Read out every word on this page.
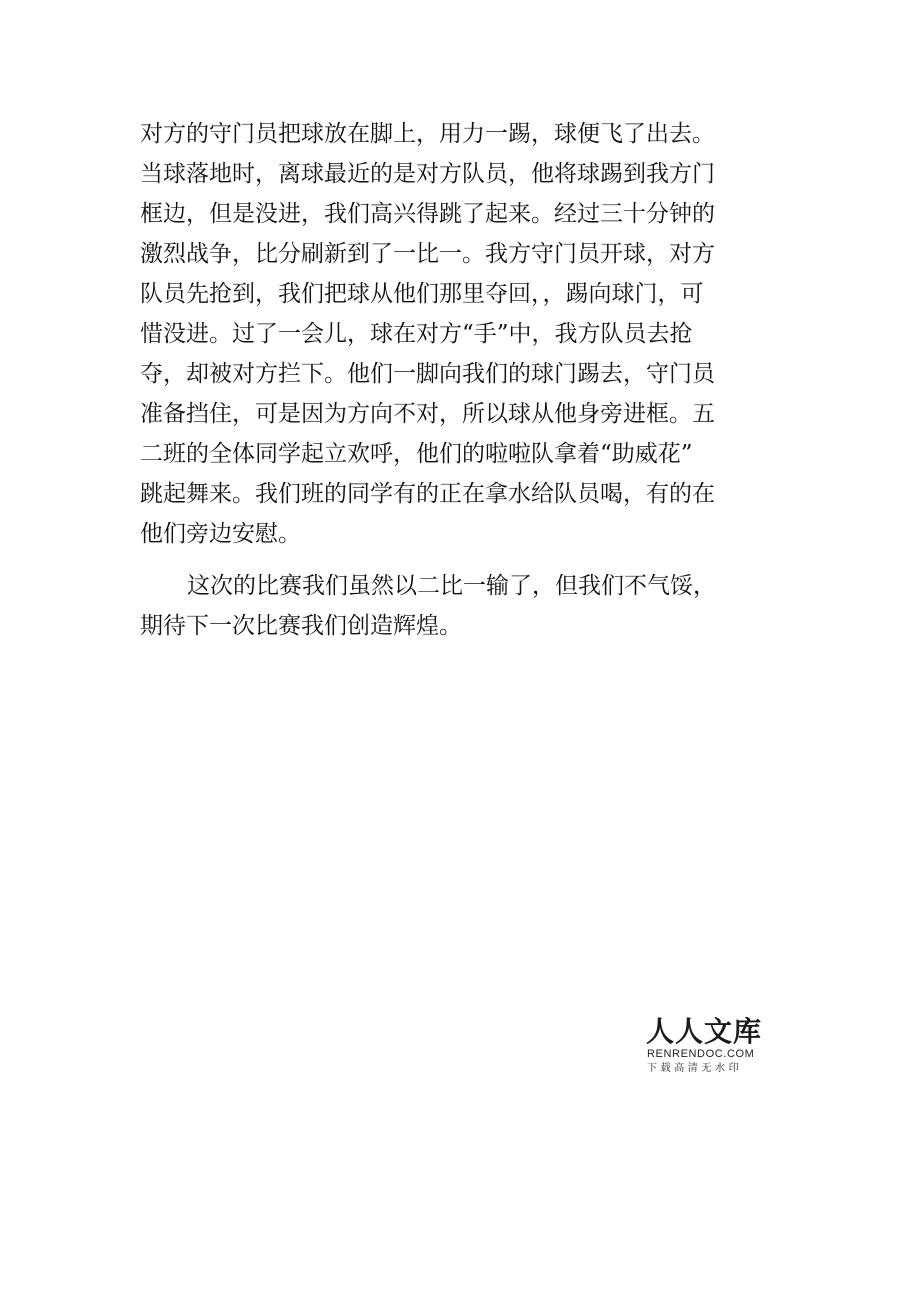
对方的守门员把球放在脚上，用力一踢，球便飞了出去。
当球落地时，离球最近的是对方队员，他将球踢到我方门
框边，但是没进，我们高兴得跳了起来。经过三十分钟的
激烈战争，比分刷新到了一比一。我方守门员开球，对方
队员先抢到，我们把球从他们那里夺回，，踢向球门，可
惜没进。过了一会儿，球在对方“手”中，我方队员去抢
夺，却被对方拦下。他们一脚向我们的球门踢去，守门员
准备挡住，可是因为方向不对，所以球从他身旁进框。五
二班的全体同学起立欢呼，他们的啦啦队拿着“助威花”
跳起舞来。我们班的同学有的正在拿水给队员喝，有的在
他们旁边安慰。
这次的比赛我们虽然以二比一输了，但我们不气馁，
期待下一次比赛我们创造辉煌。
人人文库
RENRENDOC.COM
下载高清无水印
